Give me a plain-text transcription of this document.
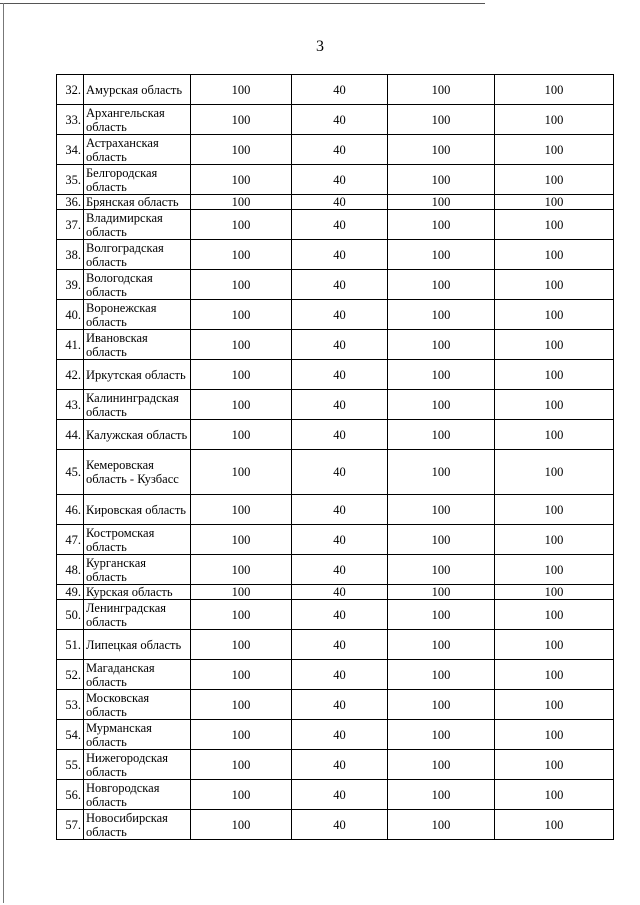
3
32.	Амурская область	100	40	100	100
33.	Архангельская область	100	40	100	100
34.	Астраханская область	100	40	100	100
35.	Белгородская область	100	40	100	100
36.	Брянская область	100	40	100	100
37.	Владимирская область	100	40	100	100
38.	Волгоградская область	100	40	100	100
39.	Вологодская область	100	40	100	100
40.	Воронежская область	100	40	100	100
41.	Ивановская область	100	40	100	100
42.	Иркутская область	100	40	100	100
43.	Калининградская область	100	40	100	100
44.	Калужская область	100	40	100	100
45.	Кемеровская область - Кузбасс	100	40	100	100
46.	Кировская область	100	40	100	100
47.	Костромская область	100	40	100	100
48.	Курганская область	100	40	100	100
49.	Курская область	100	40	100	100
50.	Ленинградская область	100	40	100	100
51.	Липецкая область	100	40	100	100
52.	Магаданская область	100	40	100	100
53.	Московская область	100	40	100	100
54.	Мурманская область	100	40	100	100
55.	Нижегородская область	100	40	100	100
56.	Новгородская область	100	40	100	100
57.	Новосибирская область	100	40	100	100
